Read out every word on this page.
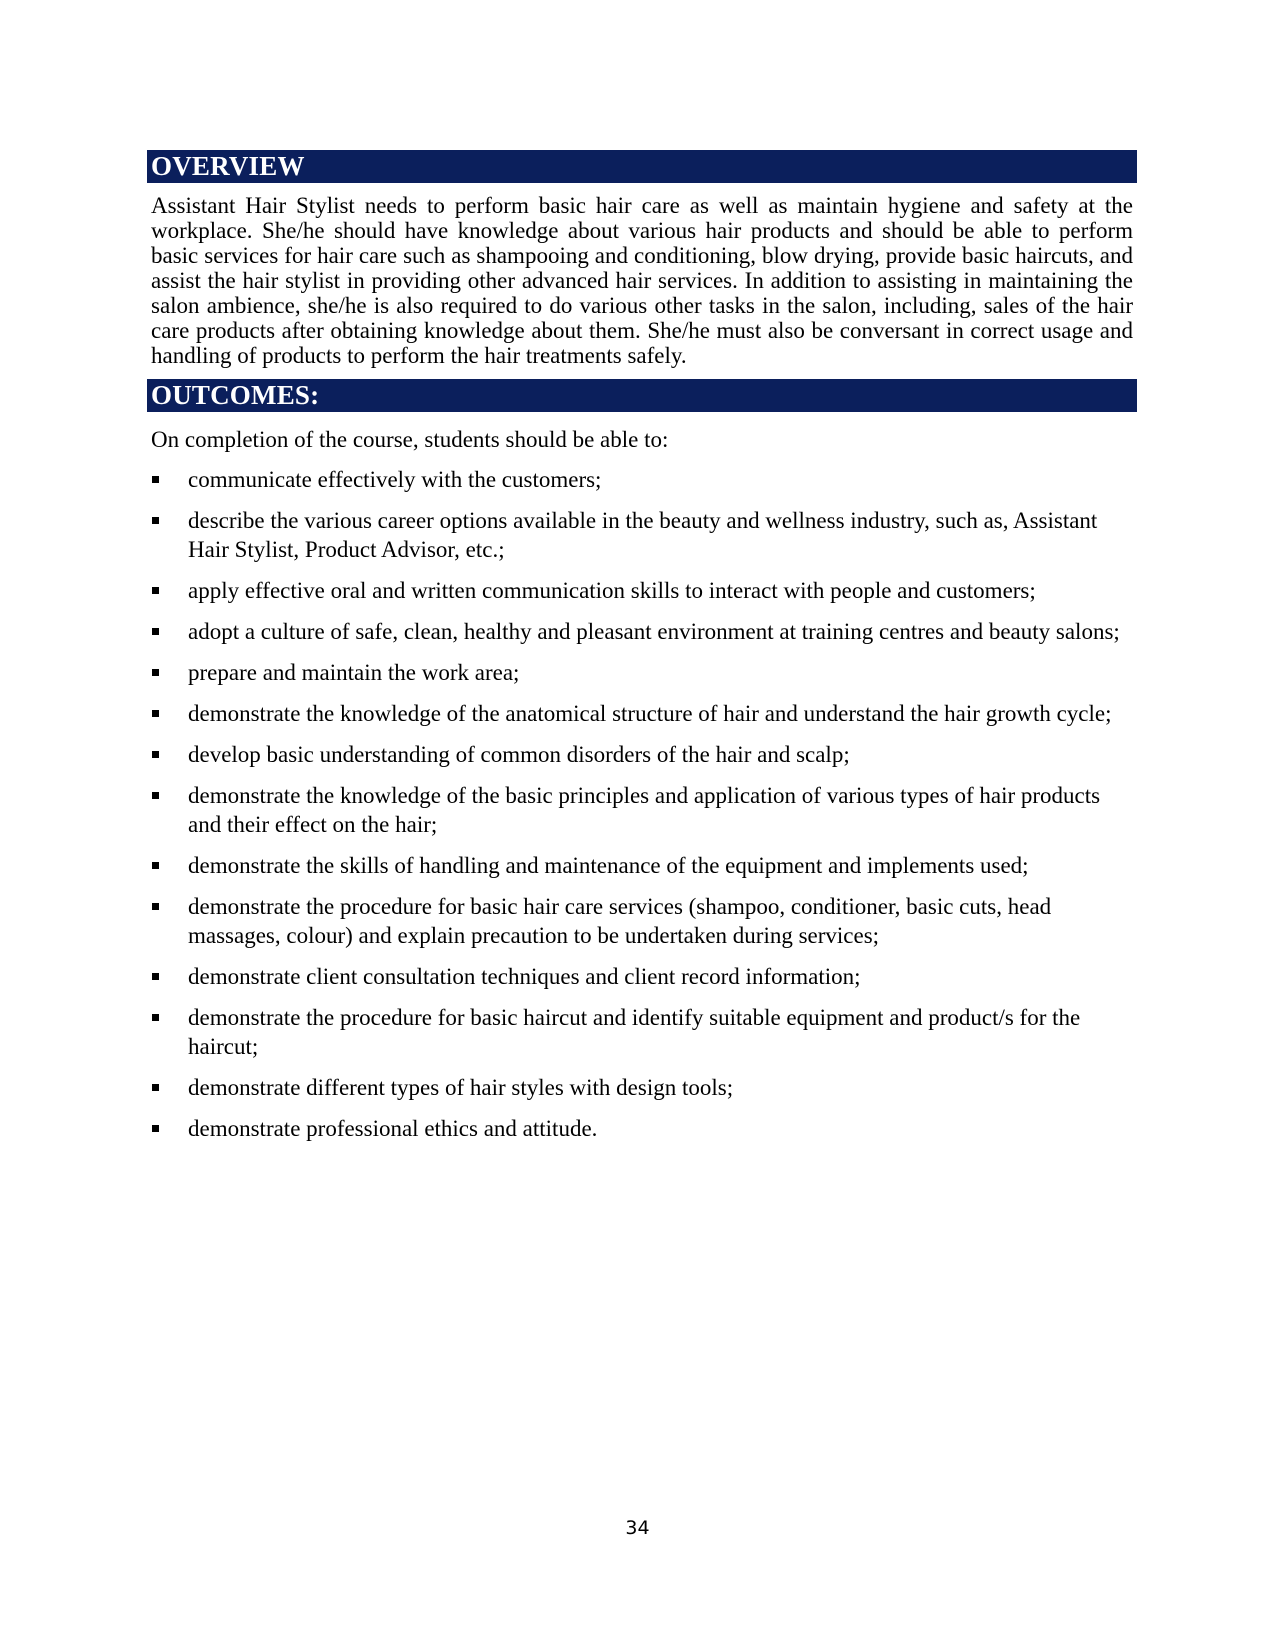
OVERVIEW
Assistant Hair Stylist needs to perform basic hair care as well as maintain hygiene and safety at the workplace. She/he should have knowledge about various hair products and should be able to perform basic services for hair care such as shampooing and conditioning, blow drying, provide basic haircuts, and assist the hair stylist in providing other advanced hair services. In addition to assisting in maintaining the salon ambience, she/he is also required to do various other tasks in the salon, including, sales of the hair care products after obtaining knowledge about them. She/he must also be conversant in correct usage and handling of products to perform the hair treatments safely.
OUTCOMES:
On completion of the course, students should be able to:
communicate effectively with the customers;
describe the various career options available in the beauty and wellness industry, such as, Assistant Hair Stylist, Product Advisor, etc.;
apply effective oral and written communication skills to interact with people and customers;
adopt a culture of safe, clean, healthy and pleasant environment at training centres and beauty salons;
prepare and maintain the work area;
demonstrate the knowledge of the anatomical structure of hair and understand the hair growth cycle;
develop basic understanding of common disorders of the hair and scalp;
demonstrate the knowledge of the basic principles and application of various types of hair products and their effect on the hair;
demonstrate the skills of handling and maintenance of the equipment and implements used;
demonstrate the procedure for basic hair care services (shampoo, conditioner, basic cuts, head massages, colour) and explain precaution to be undertaken during services;
demonstrate client consultation techniques and client record information;
demonstrate the procedure for basic haircut and identify suitable equipment and product/s for the haircut;
demonstrate different types of hair styles with design tools;
demonstrate professional ethics and attitude.
34
